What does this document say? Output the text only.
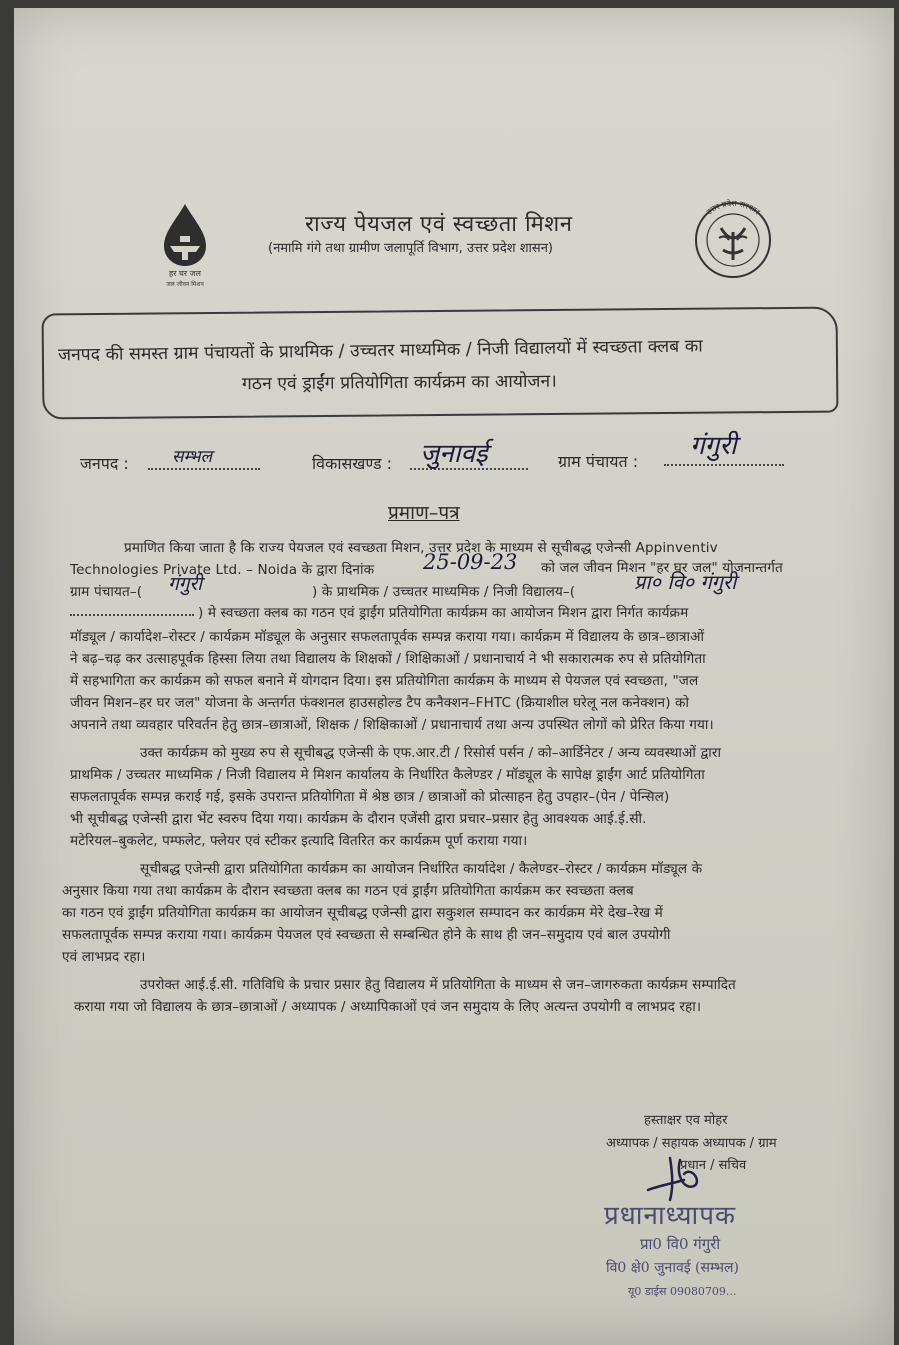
हर घर जल
जल जीवन मिशन
राज्य पेयजल एवं स्वच्छता मिशन
(नमामि गंगे तथा ग्रामीण जलापूर्ति विभाग, उत्तर प्रदेश शासन)
उत्तर प्रदेश सरकार
जनपद की समस्त ग्राम पंचायतों के प्राथमिक / उच्चतर माध्यमिक / निजी विद्यालयों में स्वच्छता क्लब का
गठन एवं ड्राईंग प्रतियोगिता कार्यक्रम का आयोजन।
जनपद :	सम्भल	विकासखण्ड : जुनावई	ग्राम पंचायत :
गंगुरी
प्रमाण–पत्र
प्रमाणित किया जाता है कि राज्य पेयजल एवं स्वच्छता मिशन, उत्तर प्रदेश के माध्यम से सूचीबद्ध एजेन्सी Appinventiv
Technologies Private Ltd. – Noida के द्वारा दिनांक 25-09-23 को जल जीवन मिशन "हर घर जल" योजनान्तर्गत
ग्राम पंचायत–( गंगुरी	) के प्राथमिक / उच्चतर माध्यमिक / निजी विद्यालय–(	प्रा० वि० गंगुरी
) मे स्वच्छता क्लब का गठन एवं ड्राईंग प्रतियोगिता कार्यक्रम का आयोजन मिशन द्वारा निर्गत कार्यक्रम
मॉड्यूल / कार्यादेश–रोस्टर / कार्यक्रम मॉड्यूल के अनुसार सफलतापूर्वक सम्पन्न कराया गया। कार्यक्रम में विद्यालय के छात्र–छात्राओं
ने बढ़–चढ़ कर उत्साहपूर्वक हिस्सा लिया तथा विद्यालय के शिक्षकों / शिक्षिकाओं / प्रधानाचार्य ने भी सकारात्मक रुप से प्रतियोगिता
में सहभागिता कर कार्यक्रम को सफल बनाने में योगदान दिया। इस प्रतियोगिता कार्यक्रम के माध्यम से पेयजल एवं स्वच्छता, "जल
जीवन मिशन–हर घर जल" योजना के अन्तर्गत फंक्शनल हाउसहोल्ड टैप कनैक्शन–FHTC (क्रियाशील घरेलू नल कनेक्शन) को
अपनाने तथा व्यवहार परिवर्तन हेतु छात्र–छात्राओं, शिक्षक / शिक्षिकाओं / प्रधानाचार्य तथा अन्य उपस्थित लोगों को प्रेरित किया गया।
उक्त कार्यक्रम को मुख्य रुप से सूचीबद्ध एजेन्सी के एफ.आर.टी / रिसोर्स पर्सन / को–आर्डिनेटर / अन्य व्यवस्थाओं द्वारा
प्राथमिक / उच्चतर माध्यमिक / निजी विद्यालय मे मिशन कार्यालय के निर्धारित कैलेण्डर / मॉड्यूल के सापेक्ष ड्राईंग आर्ट प्रतियोगिता
सफलतापूर्वक सम्पन्न कराई गई, इसके उपरान्त प्रतियोगिता में श्रेष्ठ छात्र / छात्राओं को प्रोत्साहन हेतु उपहार–(पेन / पेन्सिल)
भी सूचीबद्ध एजेन्सी द्वारा भेंट स्वरुप दिया गया। कार्यक्रम के दौरान एजेंसी द्वारा प्रचार–प्रसार हेतु आवश्यक आई.ई.सी.
मटेरियल–बुकलेट, पम्फलेट, फ्लेयर एवं स्टीकर इत्यादि वितरित कर कार्यक्रम पूर्ण कराया गया।
सूचीबद्ध एजेन्सी द्वारा प्रतियोगिता कार्यक्रम का आयोजन निर्धारित कार्यादेश / कैलेण्डर–रोस्टर / कार्यक्रम मॉड्यूल के
अनुसार किया गया तथा कार्यक्रम के दौरान स्वच्छता क्लब का गठन एवं ड्राईंग प्रतियोगिता कार्यक्रम कर स्वच्छता क्लब
का गठन एवं ड्राईंग प्रतियोगिता कार्यक्रम का आयोजन सूचीबद्ध एजेन्सी द्वारा सकुशल सम्पादन कर कार्यक्रम मेरे देख–रेख में
सफलतापूर्वक सम्पन्न कराया गया। कार्यक्रम पेयजल एवं स्वच्छता से सम्बन्धित होने के साथ ही जन–समुदाय एवं बाल उपयोगी
एवं लाभप्रद रहा।
उपरोक्त आई.ई.सी. गतिविधि के प्रचार प्रसार हेतु विद्यालय में प्रतियोगिता के माध्यम से जन–जागरुकता कार्यक्रम सम्पादित
कराया गया जो विद्यालय के छात्र–छात्राओं / अध्यापक / अध्यापिकाओं एवं जन समुदाय के लिए अत्यन्त उपयोगी व लाभप्रद रहा।
हस्ताक्षर एव मोहर
अध्यापक / सहायक अध्यापक / ग्राम
प्रधान / सचिव
प्रधानाध्यापक
प्रा0 वि0 गंगुरी
वि0 क्षे0 जुनावई (सम्भल)
यू0 डाईस 09080709...
